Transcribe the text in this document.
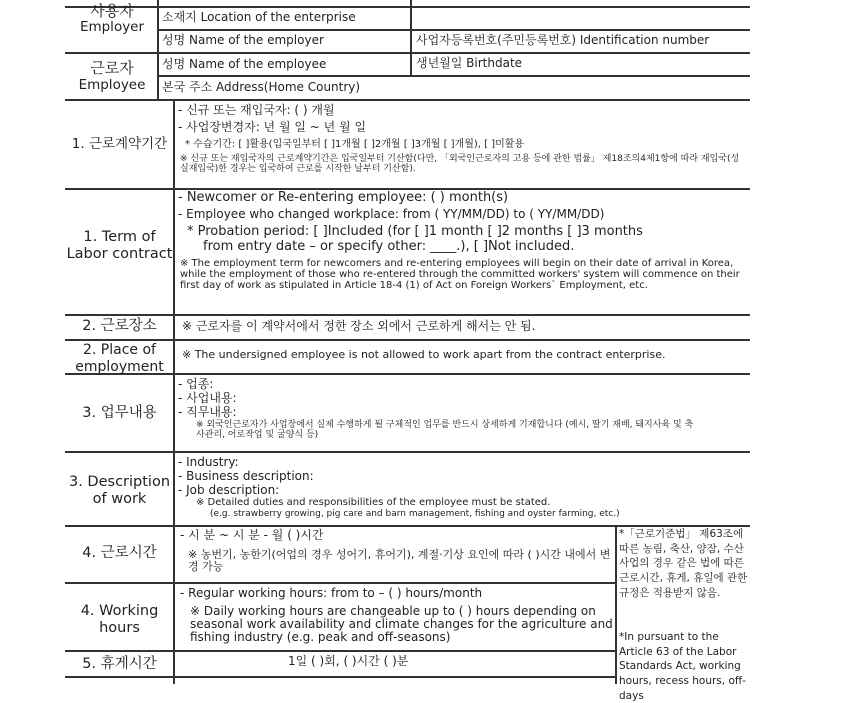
사용자
Employer
소재지 Location of the enterprise
성명 Name of the employer	사업자등록번호(주민등록번호) Identification number
근로자
Employee
성명 Name of the employee	생년월일 Birthdate
본국 주소 Address(Home Country)
1. 근로계약기간
- 신규 또는 재입국자: ( ) 개월
- 사업장변경자: 년 월 일 ~ 년 월 일
* 수습기간: [ ]활용(입국일부터 [ ]1개월 [ ]2개월 [ ]3개월 [ ]개월), [ ]미활용
※ 신규 또는 재입국자의 근로계약기간은 입국일부터 기산함(다만, 「외국인근로자의 고용 등에 관한 법률」 제18조의4제1항에 따라 재입국(성실재입국)한 경우는 입국하여 근로를 시작한 날부터 기산함).
1. Term of Labor contract
- Newcomer or Re-entering employee: ( ) month(s)
- Employee who changed workplace: from ( YY/MM/DD) to ( YY/MM/DD)
* Probation period: [ ]Included (for [ ]1 month [ ]2 months [ ]3 months
from entry date – or specify other: ____.), [ ]Not included.
※ The employment term for newcomers and re-entering employees will begin on their date of arrival in Korea, while the employment of those who re-entered through the committed workers' system will commence on their first day of work as stipulated in Article 18-4 (1) of Act on Foreign Workers` Employment, etc.
2. 근로장소	※ 근로자를 이 계약서에서 정한 장소 외에서 근로하게 해서는 안 됨.
2. Place of employment
※ The undersigned employee is not allowed to work apart from the contract enterprise.
3. 업무내용
- 업종:
- 사업내용:
- 직무내용:
※ 외국인근로자가 사업장에서 실제 수행하게 될 구체적인 업무를 반드시 상세하게 기재합니다 (예시, 딸기 재배, 돼지사육 및 축사관리, 어로작업 및 굴양식 등)
3. Description of work
- Industry:
- Business description:
- Job description:
※ Detailed duties and responsibilities of the employee must be stated.
(e.g. strawberry growing, pig care and barn management, fishing and oyster farming, etc.)
4. 근로시간
- 시 분 ~ 시 분 - 월 ( )시간
※ 농번기, 농한기(어업의 경우 성어기, 휴어기), 계절·기상 요인에 따라 ( )시간 내에서 변경 가능
4. Working hours
- Regular working hours: from to – ( ) hours/month
※ Daily working hours are changeable up to ( ) hours depending on seasonal work availability and climate changes for the agriculture and fishing industry (e.g. peak and off-seasons)
5. 휴게시간	1일 ( )회, ( )시간 ( )분
*「근로기준법」 제63조에 따른 농림, 축산, 양잠, 수산 사업의 경우 같은 법에 따른 근로시간, 휴게, 휴일에 관한 규정은 적용받지 않음.
*In pursuant to the Article 63 of the Labor Standards Act, working hours, recess hours, off-days
